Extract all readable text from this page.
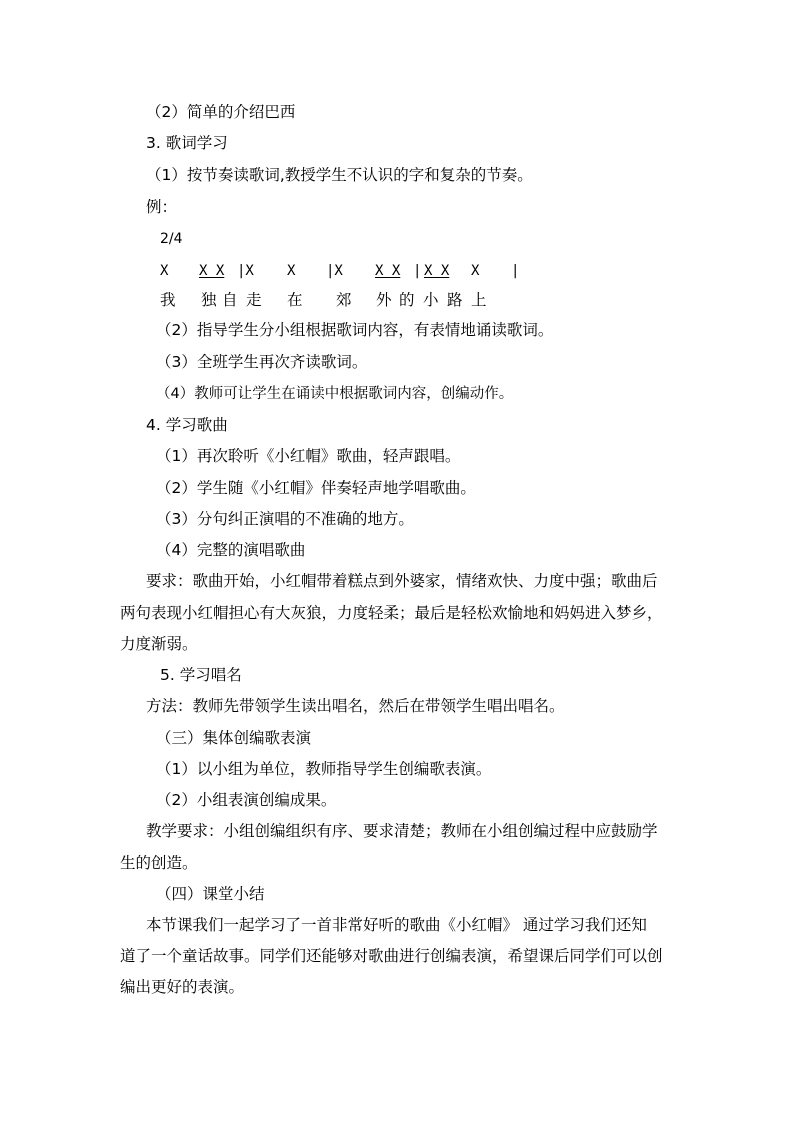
（2）简单的介绍巴西
3. 歌词学习
（1）按节奏读歌词,教授学生不认识的字和复杂的节奏。
例：
2/4
X X X |X X |X X X | X X X |
我 独 自 走 在 郊 外 的 小 路 上
（2）指导学生分小组根据歌词内容，有表情地诵读歌词。
（3）全班学生再次齐读歌词。
（4）教师可让学生在诵读中根据歌词内容，创编动作。
4. 学习歌曲
（1）再次聆听《小红帽》歌曲，轻声跟唱。
（2）学生随《小红帽》伴奏轻声地学唱歌曲。
（3）分句纠正演唱的不准确的地方。
（4）完整的演唱歌曲
要求：歌曲开始，小红帽带着糕点到外婆家，情绪欢快、力度中强；歌曲后
两句表现小红帽担心有大灰狼，力度轻柔；最后是轻松欢愉地和妈妈进入梦乡，
力度渐弱。
5. 学习唱名
方法：教师先带领学生读出唱名，然后在带领学生唱出唱名。
（三）集体创编歌表演
（1）以小组为单位，教师指导学生创编歌表演。
（2）小组表演创编成果。
教学要求：小组创编组织有序、要求清楚；教师在小组创编过程中应鼓励学
生的创造。
（四）课堂小结
本节课我们一起学习了一首非常好听的歌曲《小红帽》 通过学习我们还知
道了一个童话故事。同学们还能够对歌曲进行创编表演，希望课后同学们可以创
编出更好的表演。
